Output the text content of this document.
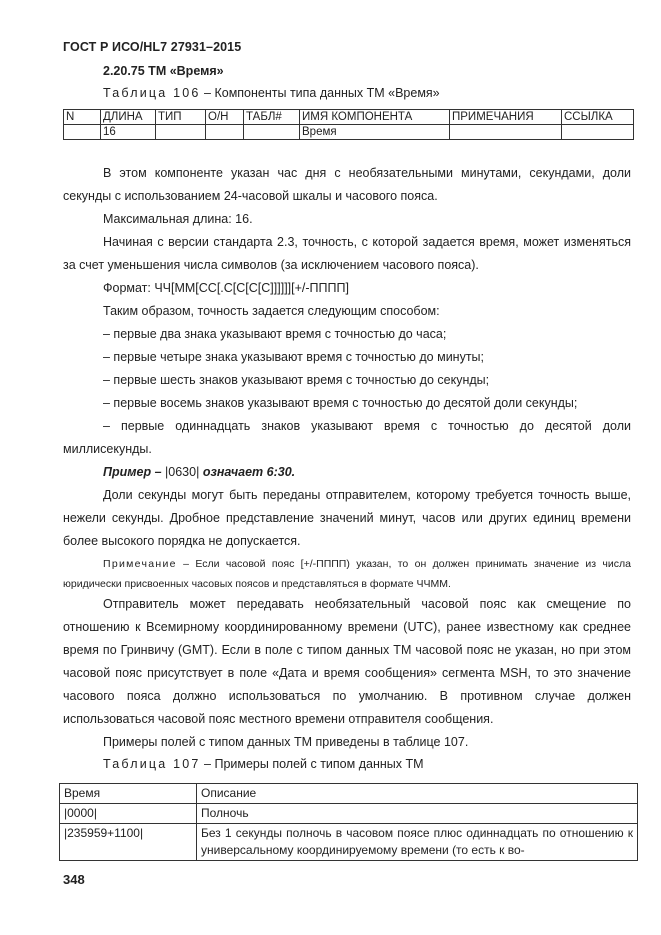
ГОСТ Р ИСО/HL7 27931–2015
2.20.75 ТМ «Время»
Таблица 106 – Компоненты типа данных ТМ «Время»
N	ДЛИНА	ТИП	О/Н	ТАБЛ#	ИМЯ КОМПОНЕНТА	ПРИМЕЧАНИЯ	ССЫЛКА
	16				Время		

В этом компоненте указан час дня с необязательными минутами, секундами, доли секунды с использованием 24-часовой шкалы и часового пояса.

Максимальная длина: 16.

Начиная с версии стандарта 2.3, точность, с которой задается время, может изменяться за счет уменьшения числа символов (за исключением часового пояса).

Формат: ЧЧ[ММ[СС[.С[С[С[С]]]]]][+/-ПППП]
Таким образом, точность задается следующим способом:
– первые два знака указывают время с точностью до часа;
– первые четыре знака указывают время с точностью до минуты;
– первые шесть знаков указывают время с точностью до секунды;
– первые восемь знаков указывают время с точностью до десятой доли секунды;

– первые одиннадцать знаков указывают время с точностью до десятой доли миллисекунды.

Пример – |0630| означает 6:30.

Доли секунды могут быть переданы отправителем, которому требуется точность выше, нежели секунды. Дробное представление значений минут, часов или других единиц времени более высокого порядка не допускается.

Примечание – Если часовой пояс [+/-ПППП) указан, то он должен принимать значение из числа юридически присвоенных часовых поясов и представляться в формате ЧЧММ.

Отправитель может передавать необязательный часовой пояс как смещение по отношению к Всемирному координированному времени (UTC), ранее известному как среднее время по Гринвичу (GMT). Если в поле с типом данных ТМ часовой пояс не указан, но при этом часовой пояс присутствует в поле «Дата и время сообщения» сегмента MSH, то это значение часового пояса должно использоваться по умолчанию. В противном случае должен использоваться часовой пояс местного времени отправителя сообщения.

Примеры полей с типом данных ТМ приведены в таблице 107.
Таблица 107 – Примеры полей с типом данных ТМ
Время	Описание
|0000|	Полночь
|235959+1100|	Без 1 секунды полночь в часовом поясе плюс одиннадцать по отношению к универсальному координируемому времени (то есть к во-
348
